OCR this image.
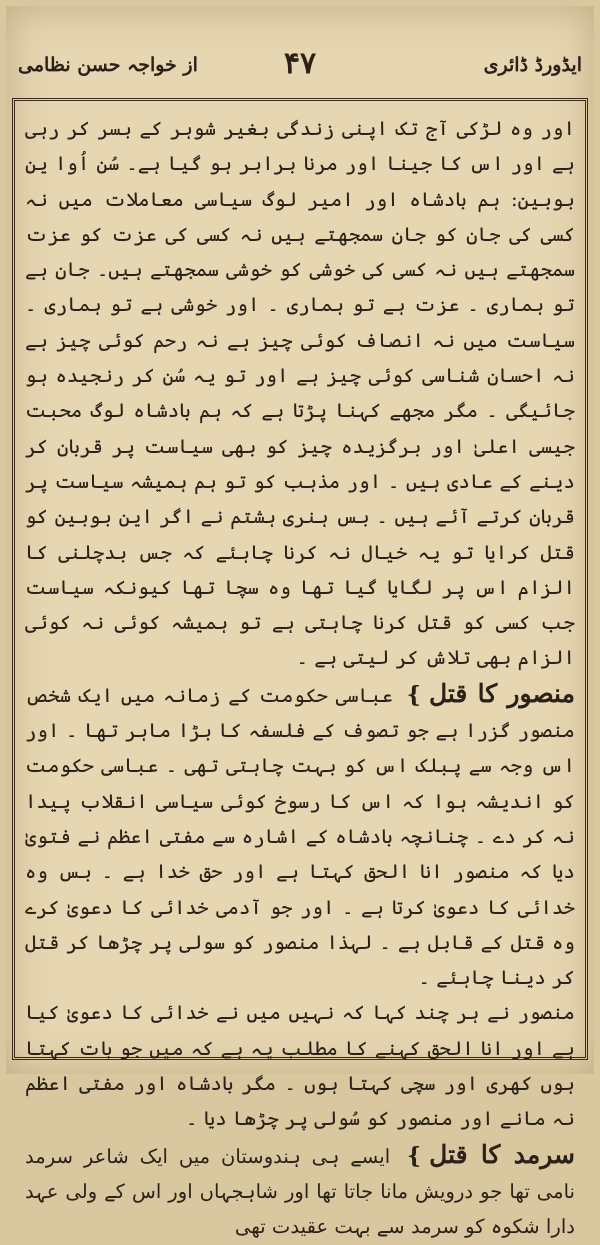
ایڈورڈ ڈائری
۴۷
از خواجہ حسن نظامی

اور وہ لڑکی آج تک اپنی زندگی بغیر شوہر کے بسر کر رہی ہے اور اس کا جینا اور مرنا برابر ہو گیا ہے۔ سُن اُوا ین بوبین: ہم بادشاہ اور امیر لوگ سیاسی معاملات میں نہ کسی کی جان کو جان سمجھتے ہیں نہ کسی کی عزت کو عزت سمجھتے ہیں نہ کسی کی خوشی کو خوشی سمجھتے ہیں۔ جان ہے تو ہماری ۔ عزت ہے تو ہماری ۔ اور خوشی ہے تو ہماری ۔ سیاست میں نہ انصاف کوئی چیز ہے نہ رحم کوئی چیز ہے نہ احسان شناسی کوئی چیز ہے اور تو یہ سُن کر رنجیدہ ہو جائیگی ۔ مگر مجھے کہنا پڑتا ہے کہ ہم بادشاہ لوگ محبت جیسی اعلیٰ اور برگزیدہ چیز کو بھی سیاست پر قربان کر دینے کے عادی ہیں ۔ اور مذہب کو تو ہم ہمیشہ سیاست پر قربان کرتے آئے ہیں ۔ بس ہنری ہشتم نے اگر این بوبین کو قتل کرایا تو یہ خیال نہ کرنا چاہئے کہ جس بدچلنی کا الزام اس پر لگایا گیا تھا وہ سچا تھا کیونکہ سیاست جب کسی کو قتل کرنا چاہتی ہے تو ہمیشہ کوئی نہ کوئی الزام بھی تلاش کر لیتی ہے ۔

منصور کا قتل} عباسی حکومت کے زمانہ میں ایک شخص منصور گزرا ہے جو تصوف کے فلسفہ کا بڑا ماہر تھا ۔ اور اس وجہ سے پبلک اس کو بہت چاہتی تھی ۔ عباسی حکومت کو اندیشہ ہوا کہ اس کا رسوخ کوئی سیاسی انقلاب پیدا نہ کر دے ۔ چنانچہ بادشاہ کے اشارہ سے مفتی اعظم نے فتویٰ دیا کہ منصور انا الحق کہتا ہے اور حق خدا ہے ۔ بس وہ خدائی کا دعویٰ کرتا ہے ۔ اور جو آدمی خدائی کا دعویٰ کرے وہ قتل کے قابل ہے ۔ لہذا منصور کو سولی پر چڑھا کر قتل کر دینا چاہئے ۔

منصور نے ہر چند کہا کہ نہیں میں نے خدائی کا دعویٰ کیا ہے اور انا الحق کہنے کا مطلب یہ ہے کہ میں جو بات کہتا ہوں کھری اور سچی کہتا ہوں ۔ مگر بادشاہ اور مفتی اعظم نہ مانے اور منصور کو سُولی پر چڑھا دیا ۔

سرمد کا قتل} ایسے ہی ہندوستان میں ایک شاعر سرمد نامی تھا جو درویش مانا جاتا تھا اور شاہجہاں اور اس کے ولی عہد دارا شکوہ کو سرمد سے بہت عقیدت تھی
